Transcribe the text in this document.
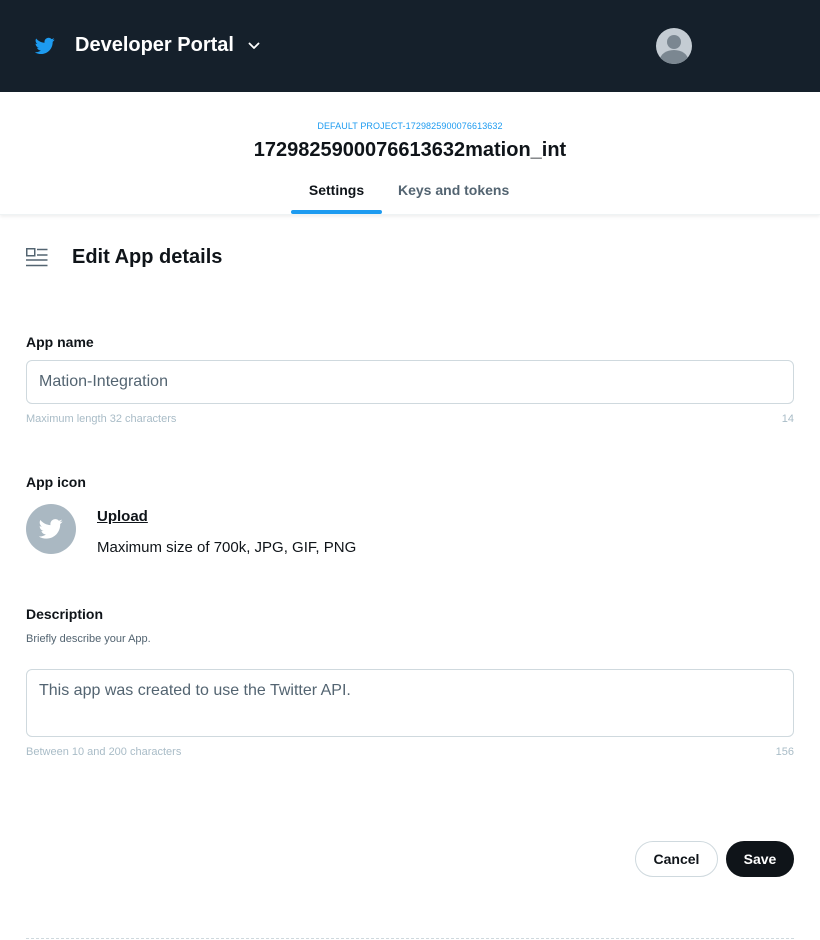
Developer Portal
DEFAULT PROJECT-1729825900076613632
1729825900076613632mation_int
Settings	Keys and tokens
Edit App details
App name
Mation-Integration
Maximum length 32 characters	14
App icon
Upload
Maximum size of 700k, JPG, GIF, PNG
Description
Briefly describe your App.
This app was created to use the Twitter API.
Between 10 and 200 characters	156
Cancel	Save
